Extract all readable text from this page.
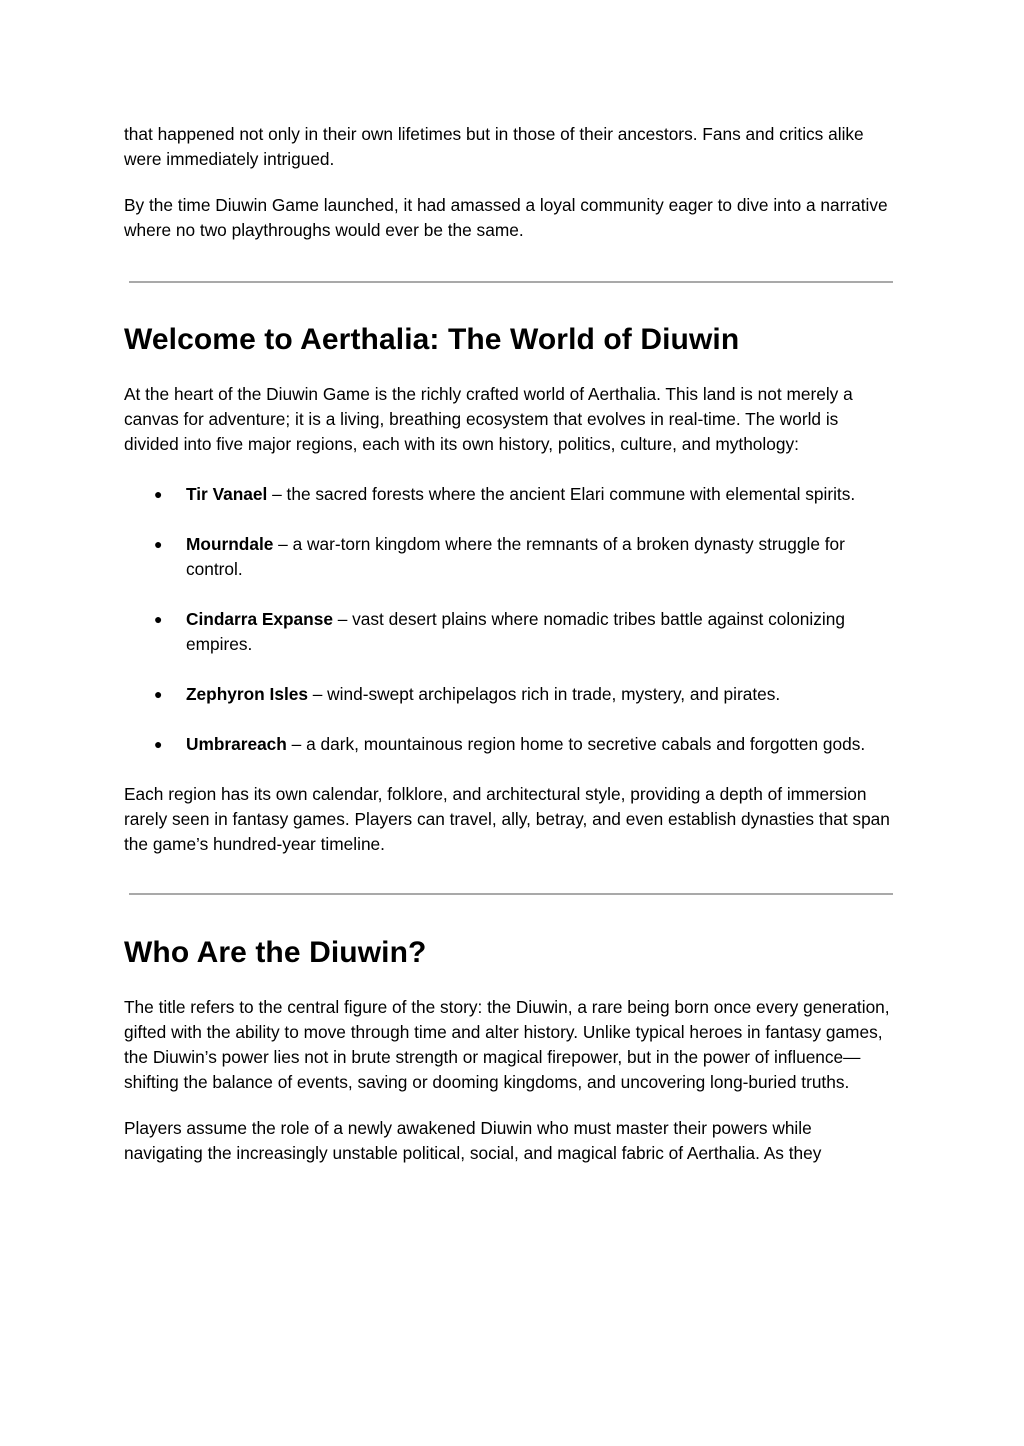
that happened not only in their own lifetimes but in those of their ancestors. Fans and critics alike were immediately intrigued.

By the time Diuwin Game launched, it had amassed a loyal community eager to dive into a narrative where no two playthroughs would ever be the same.

Welcome to Aerthalia: The World of Diuwin

At the heart of the Diuwin Game is the richly crafted world of Aerthalia. This land is not merely a canvas for adventure; it is a living, breathing ecosystem that evolves in real-time. The world is divided into five major regions, each with its own history, politics, culture, and mythology:

● Tir Vanael – the sacred forests where the ancient Elari commune with elemental spirits.
● Mourndale – a war-torn kingdom where the remnants of a broken dynasty struggle for control.
● Cindarra Expanse – vast desert plains where nomadic tribes battle against colonizing empires.
● Zephyron Isles – wind-swept archipelagos rich in trade, mystery, and pirates.
● Umbrareach – a dark, mountainous region home to secretive cabals and forgotten gods.

Each region has its own calendar, folklore, and architectural style, providing a depth of immersion rarely seen in fantasy games. Players can travel, ally, betray, and even establish dynasties that span the game’s hundred-year timeline.

Who Are the Diuwin?

The title refers to the central figure of the story: the Diuwin, a rare being born once every generation, gifted with the ability to move through time and alter history. Unlike typical heroes in fantasy games, the Diuwin’s power lies not in brute strength or magical firepower, but in the power of influence—shifting the balance of events, saving or dooming kingdoms, and uncovering long-buried truths.

Players assume the role of a newly awakened Diuwin who must master their powers while navigating the increasingly unstable political, social, and magical fabric of Aerthalia. As they
